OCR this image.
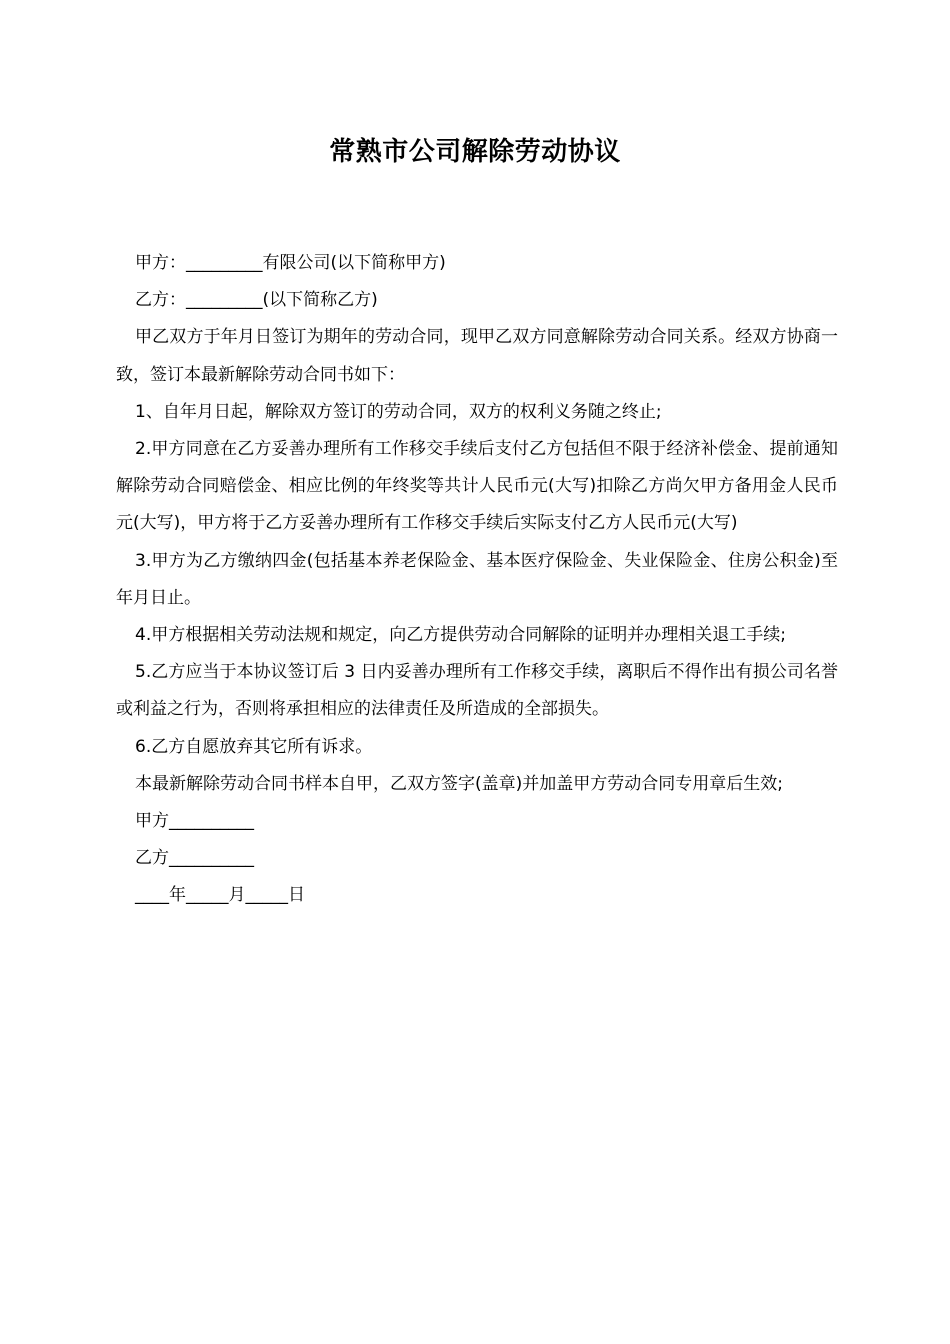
常熟市公司解除劳动协议

甲方：_________有限公司(以下简称甲方)

乙方：_________(以下简称乙方)

甲乙双方于年月日签订为期年的劳动合同，现甲乙双方同意解除劳动合同关系。经双方协商一致，签订本最新解除劳动合同书如下：

1、自年月日起，解除双方签订的劳动合同，双方的权利义务随之终止;

2.甲方同意在乙方妥善办理所有工作移交手续后支付乙方包括但不限于经济补偿金、提前通知解除劳动合同赔偿金、相应比例的年终奖等共计人民币元(大写)扣除乙方尚欠甲方备用金人民币元(大写)，甲方将于乙方妥善办理所有工作移交手续后实际支付乙方人民币元(大写)

3.甲方为乙方缴纳四金(包括基本养老保险金、基本医疗保险金、失业保险金、住房公积金)至年月日止。

4.甲方根据相关劳动法规和规定，向乙方提供劳动合同解除的证明并办理相关退工手续;

5.乙方应当于本协议签订后 3 日内妥善办理所有工作移交手续，离职后不得作出有损公司名誉或利益之行为，否则将承担相应的法律责任及所造成的全部损失。

6.乙方自愿放弃其它所有诉求。

本最新解除劳动合同书样本自甲，乙双方签字(盖章)并加盖甲方劳动合同专用章后生效;

甲方__________

乙方__________

____年_____月_____日
